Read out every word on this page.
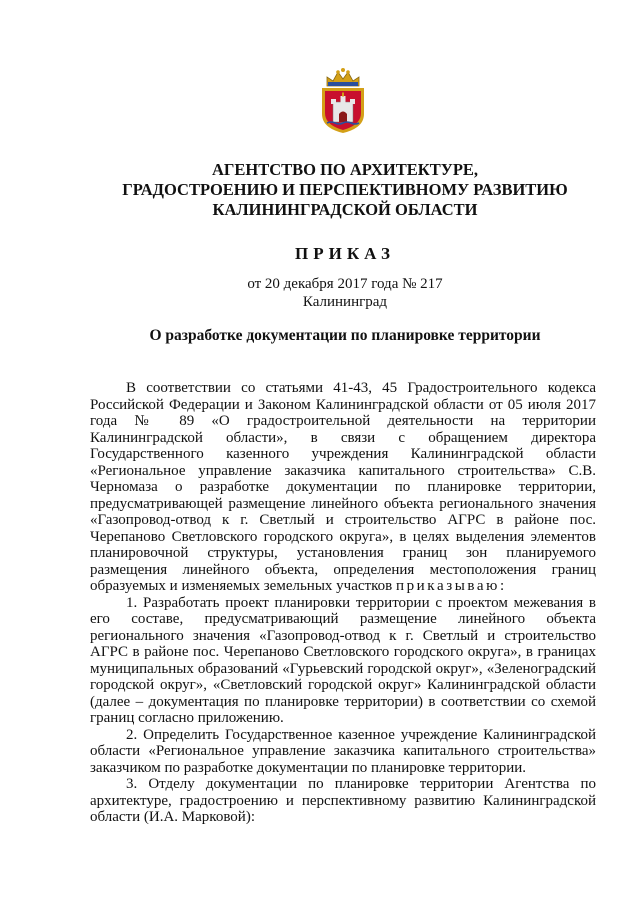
АГЕНТСТВО ПО АРХИТЕКТУРЕ,
ГРАДОСТРОЕНИЮ И ПЕРСПЕКТИВНОМУ РАЗВИТИЮ
КАЛИНИНГРАДСКОЙ ОБЛАСТИ
ПРИКАЗ
от 20 декабря 2017 года № 217
Калининград
О разработке документации по планировке территории

В соответствии со статьями 41-43, 45 Градостроительного кодекса Российской Федерации и Законом Калининградской области от 05 июля 2017 года № 89 «О градостроительной деятельности на территории Калининградской области», в связи с обращением директора Государственного казенного учреждения Калининградской области «Региональное управление заказчика капитального строительства» С.В. Черномаза о разработке документации по планировке территории, предусматривающей размещение линейного объекта регионального значения «Газопровод-отвод к г. Светлый и строительство АГРС в районе пос. Черепаново Светловского городского округа», в целях выделения элементов планировочной структуры, установления границ зон планируемого размещения линейного объекта, определения местоположения границ образуемых и изменяемых земельных участков приказываю:

1. Разработать проект планировки территории с проектом межевания в его составе, предусматривающий размещение линейного объекта регионального значения «Газопровод-отвод к г. Светлый и строительство АГРС в районе пос. Черепаново Светловского городского округа», в границах муниципальных образований «Гурьевский городской округ», «Зеленоградский городской округ», «Светловский городской округ» Калининградской области (далее – документация по планировке территории) в соответствии со схемой границ согласно приложению.

2. Определить Государственное казенное учреждение Калининградской области «Региональное управление заказчика капитального строительства» заказчиком по разработке документации по планировке территории.

3. Отделу документации по планировке территории Агентства по архитектуре, градостроению и перспективному развитию Калининградской области (И.А. Марковой):
